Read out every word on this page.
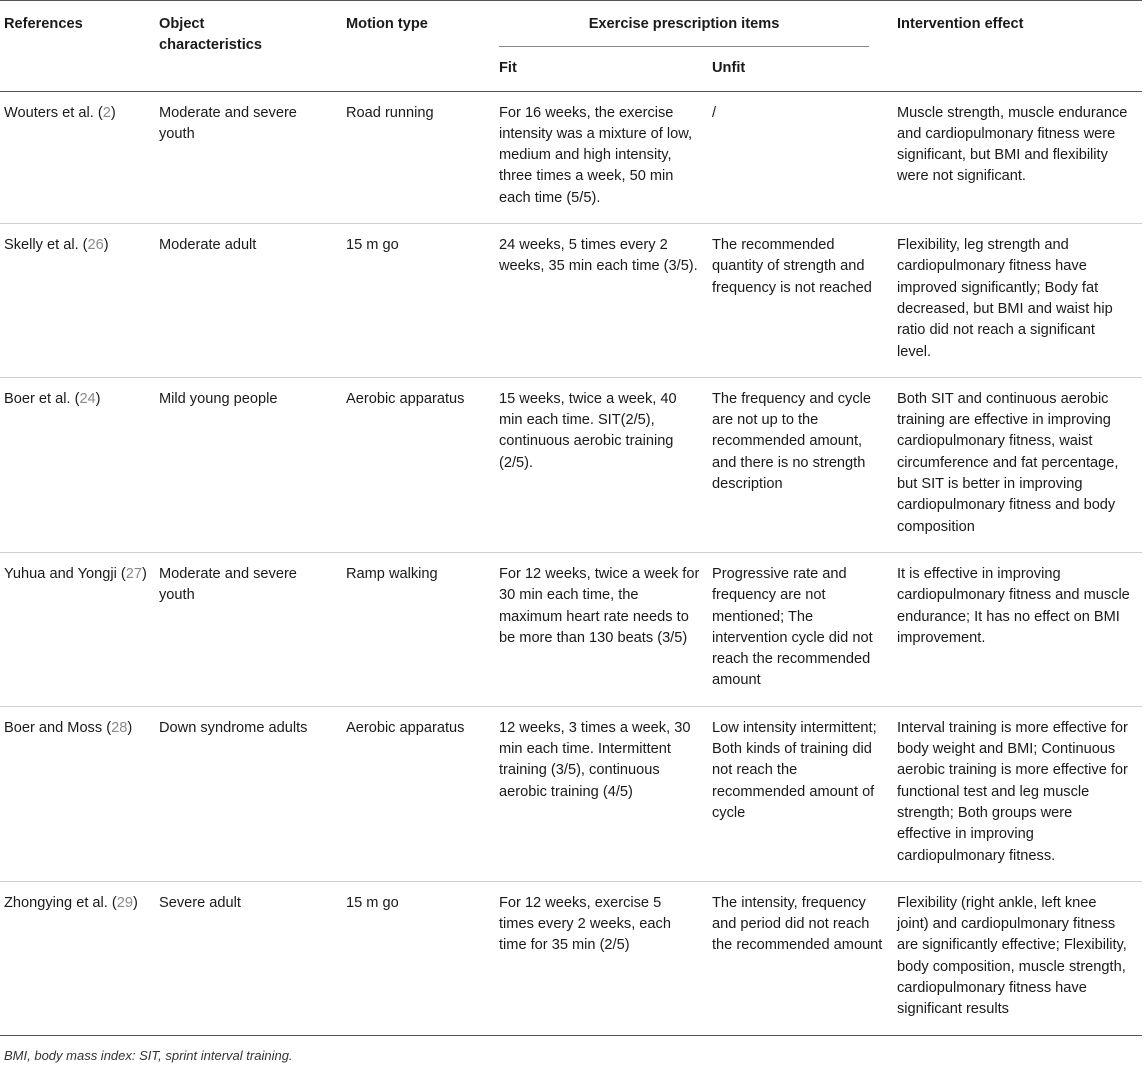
References	Object characteristics	Motion type	Exercise prescription items		Intervention effect
			Fit	Unfit	

Wouters et al. (2)	Moderate and severe youth	Road running	For 16 weeks, the exercise intensity was a mixture of low, medium and high intensity, three times a week, 50 min each time (5/5).	/	Muscle strength, muscle endurance and cardiopulmonary fitness were significant, but BMI and flexibility were not significant.
Skelly et al. (26)	Moderate adult	15 m go	24 weeks, 5 times every 2 weeks, 35 min each time (3/5).	The recommended quantity of strength and frequency is not reached	Flexibility, leg strength and cardiopulmonary fitness have improved significantly; Body fat decreased, but BMI and waist hip ratio did not reach a significant level.
Boer et al. (24)	Mild young people	Aerobic apparatus	15 weeks, twice a week, 40 min each time. SIT(2/5), continuous aerobic training (2/5).	The frequency and cycle are not up to the recommended amount, and there is no strength description	Both SIT and continuous aerobic training are effective in improving cardiopulmonary fitness, waist circumference and fat percentage, but SIT is better in improving cardiopulmonary fitness and body composition
Yuhua and Yongji (27)	Moderate and severe youth	Ramp walking	For 12 weeks, twice a week for 30 min each time, the maximum heart rate needs to be more than 130 beats (3/5)	Progressive rate and frequency are not mentioned; The intervention cycle did not reach the recommended amount	It is effective in improving cardiopulmonary fitness and muscle endurance; It has no effect on BMI improvement.
Boer and Moss (28)	Down syndrome adults	Aerobic apparatus	12 weeks, 3 times a week, 30 min each time. Intermittent training (3/5), continuous aerobic training (4/5)	Low intensity intermittent; Both kinds of training did not reach the recommended amount of cycle	Interval training is more effective for body weight and BMI; Continuous aerobic training is more effective for functional test and leg muscle strength; Both groups were effective in improving cardiopulmonary fitness.
Zhongying et al. (29)	Severe adult	15 m go	For 12 weeks, exercise 5 times every 2 weeks, each time for 35 min (2/5)	The intensity, frequency and period did not reach the recommended amount	Flexibility (right ankle, left knee joint) and cardiopulmonary fitness are significantly effective; Flexibility, body composition, muscle strength, cardiopulmonary fitness have significant results
BMI, body mass index: SIT, sprint interval training.
